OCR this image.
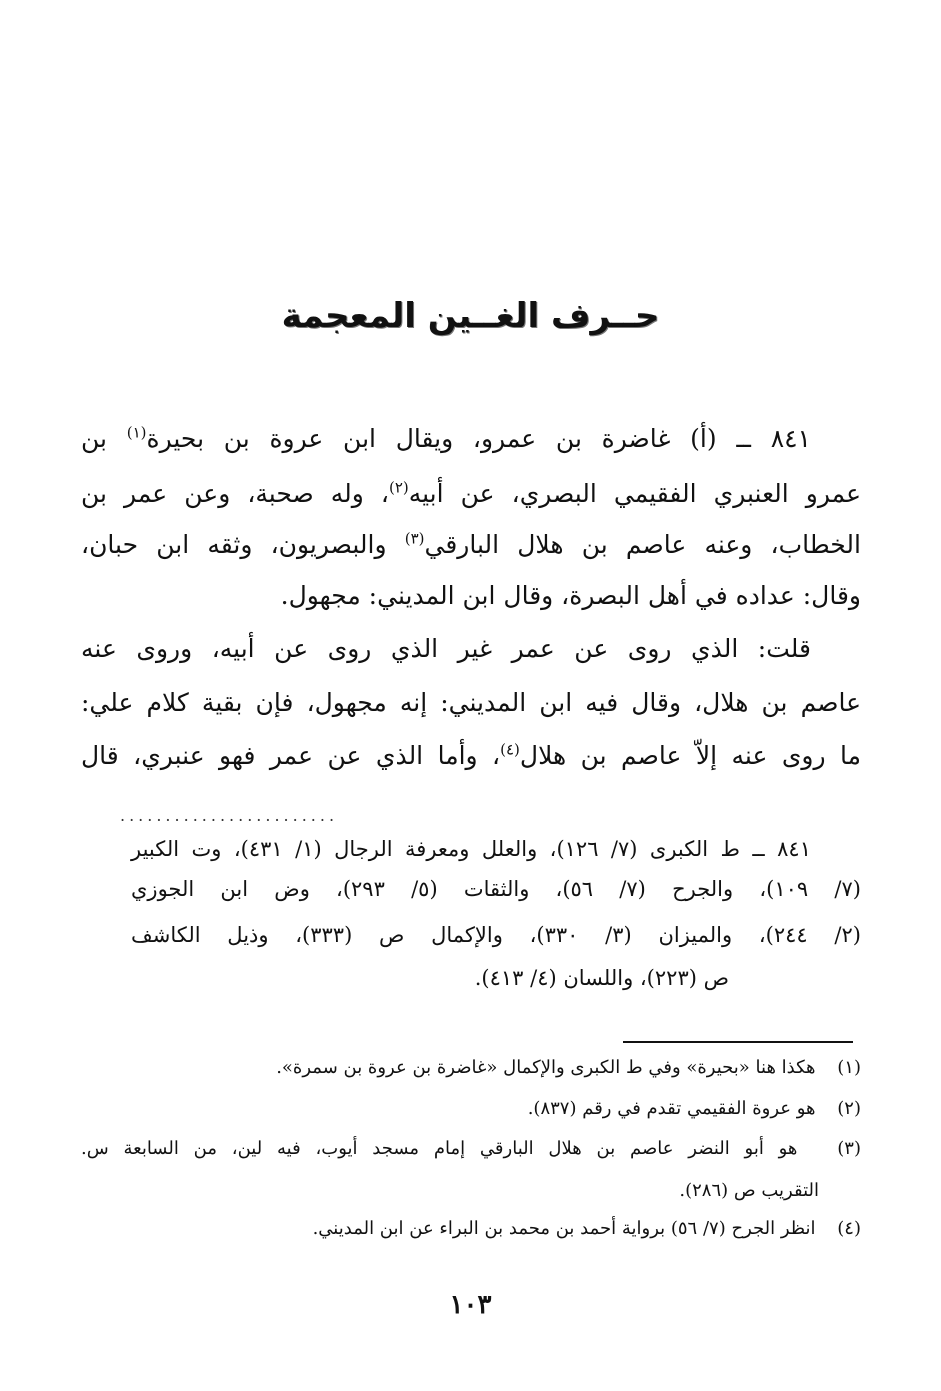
حــرف الغــين المعجمة
٨٤١ ــ (أ) غاضرة بن عمرو، ويقال ابن عروة بن بحيرة$^{(١)}$ بن
عمرو العنبري الفقيمي البصري، عن أبيه$^{(٢)}$، وله صحبة، وعن عمر بن
الخطاب، وعنه عاصم بن هلال البارقي$^{(٣)}$ والبصريون، وثقه ابن حبان،
وقال: عداده في أهل البصرة، وقال ابن المديني: مجهول.
قلت: الذي روى عن عمر غير الذي روى عن أبيه، وروى عنه
عاصم بن هلال، وقال فيه ابن المديني: إنه مجهول، فإن بقية كلام علي:
ما روى عنه إلاّ عاصم بن هلال$^{(٤)}$، وأما الذي عن عمر فهو عنبري، قال
........................
٨٤١ ــ ط الكبرى (٧/ ١٢٦)، والعلل ومعرفة الرجال (١/ ٤٣١)، وت الكبير
(٧/ ١٠٩)، والجرح (٧/ ٥٦)، والثقات (٥/ ٢٩٣)، وض ابن الجوزي
(٢/ ٢٤٤)، والميزان (٣/ ٣٣٠)، والإكمال ص (٣٣٣)، وذيل الكاشف
ص (٢٢٣)، واللسان (٤/ ٤١٣).
(١)  هكذا هنا «بحيرة» وفي ط الكبرى والإكمال «غاضرة بن عروة بن سمرة».
(٢)  هو عروة الفقيمي تقدم في رقم (٨٣٧).
(٣)  هو أبو النضر عاصم بن هلال البارقي إمام مسجد أيوب، فيه لين، من السابعة س.
التقريب ص (٢٨٦).
(٤)  انظر الجرح (٧/ ٥٦) برواية أحمد بن محمد بن البراء عن ابن المديني.
١٠٣
